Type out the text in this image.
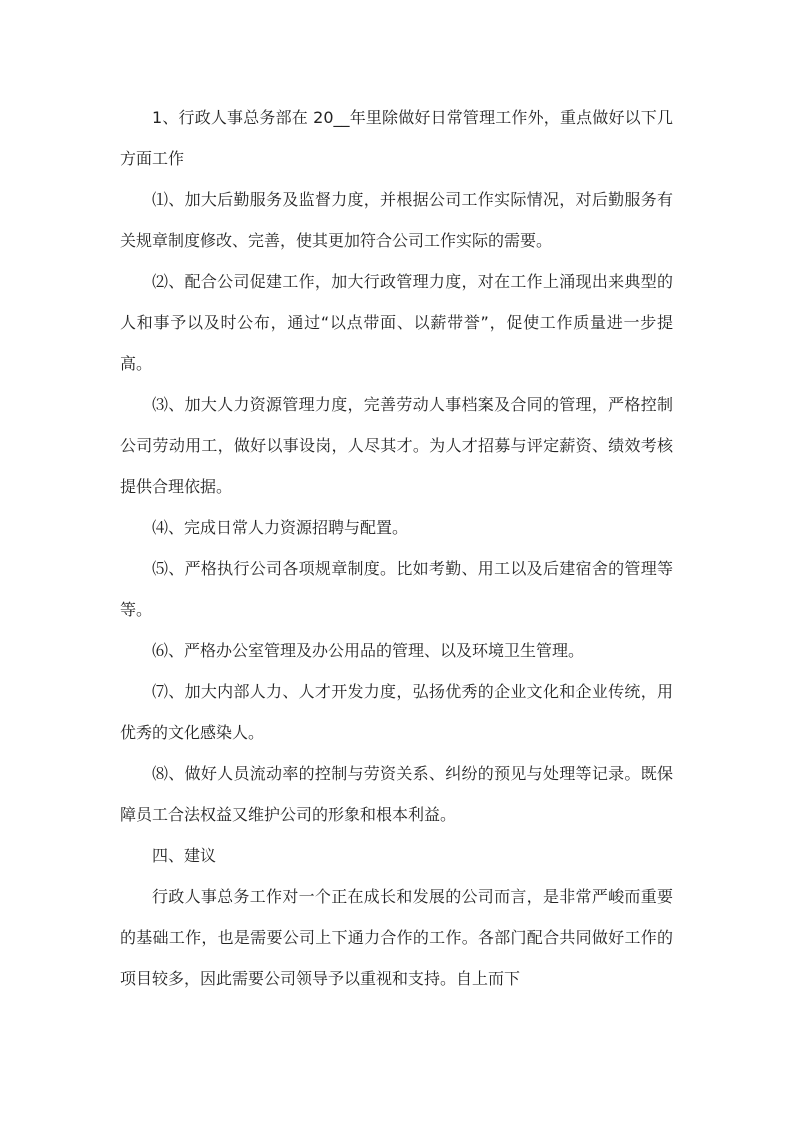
1、行政人事总务部在 20__年里除做好日常管理工作外，重点做好以下几方面工作

⑴、加大后勤服务及监督力度，并根据公司工作实际情况，对后勤服务有关规章制度修改、完善，使其更加符合公司工作实际的需要。

⑵、配合公司促建工作，加大行政管理力度，对在工作上涌现出来典型的人和事予以及时公布，通过“以点带面、以薪带誉”，促使工作质量进一步提高。

⑶、加大人力资源管理力度，完善劳动人事档案及合同的管理，严格控制公司劳动用工，做好以事设岗，人尽其才。为人才招募与评定薪资、绩效考核提供合理依据。

⑷、完成日常人力资源招聘与配置。

⑸、严格执行公司各项规章制度。比如考勤、用工以及后建宿舍的管理等等。

⑹、严格办公室管理及办公用品的管理、以及环境卫生管理。

⑺、加大内部人力、人才开发力度，弘扬优秀的企业文化和企业传统，用优秀的文化感染人。

⑻、做好人员流动率的控制与劳资关系、纠纷的预见与处理等记录。既保障员工合法权益又维护公司的形象和根本利益。

四、建议

行政人事总务工作对一个正在成长和发展的公司而言，是非常严峻而重要的基础工作，也是需要公司上下通力合作的工作。各部门配合共同做好工作的项目较多，因此需要公司领导予以重视和支持。自上而下
